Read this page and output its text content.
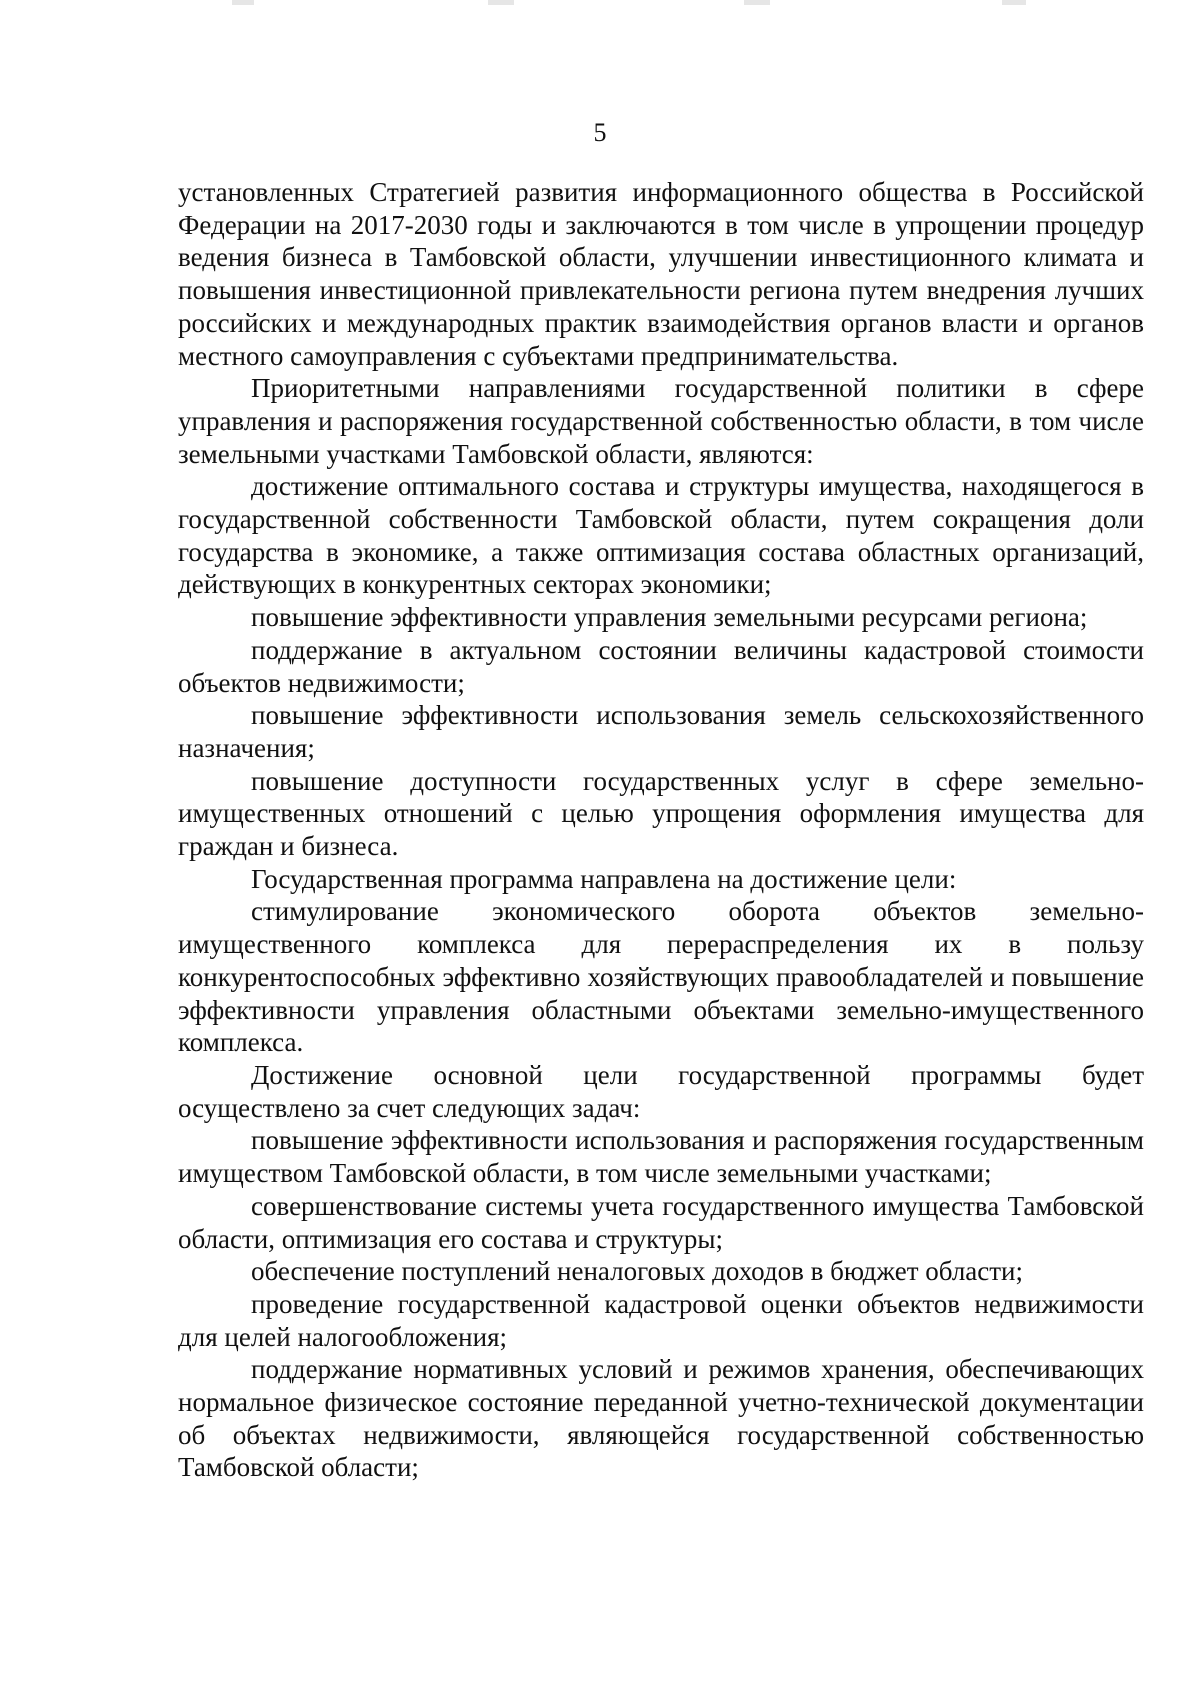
5

установленных Стратегией развития информационного общества в Российской Федерации на 2017-2030 годы и заключаются в том числе в упрощении процедур ведения бизнеса в Тамбовской области, улучшении инвестиционного климата и повышения инвестиционной привлекательности региона путем внедрения лучших российских и международных практик взаимодействия органов власти и органов местного самоуправления с субъектами предпринимательства.

Приоритетными направлениями государственной политики в сфере управления и распоряжения государственной собственностью области, в том числе земельными участками Тамбовской области, являются:

достижение оптимального состава и структуры имущества, находящегося в государственной собственности Тамбовской области, путем сокращения доли государства в экономике, а также оптимизация состава областных организаций, действующих в конкурентных секторах экономики;

повышение эффективности управления земельными ресурсами региона;

поддержание в актуальном состоянии величины кадастровой стоимости объектов недвижимости;

повышение эффективности использования земель сельскохозяйственного назначения;

повышение доступности государственных услуг в сфере земельно-имущественных отношений с целью упрощения оформления имущества для граждан и бизнеса.

Государственная программа направлена на достижение цели:

стимулирование экономического оборота объектов земельно-имущественного комплекса для перераспределения их в пользу конкурентоспособных эффективно хозяйствующих правообладателей и повышение эффективности управления областными объектами земельно-имущественного комплекса.

Достижение основной цели государственной программы будет осуществлено за счет следующих задач:

повышение эффективности использования и распоряжения государственным имуществом Тамбовской области, в том числе земельными участками;

совершенствование системы учета государственного имущества Тамбовской области, оптимизация его состава и структуры;

обеспечение поступлений неналоговых доходов в бюджет области;

проведение государственной кадастровой оценки объектов недвижимости для целей налогообложения;

поддержание нормативных условий и режимов хранения, обеспечивающих нормальное физическое состояние переданной учетно-технической документации об объектах недвижимости, являющейся государственной собственностью Тамбовской области;
